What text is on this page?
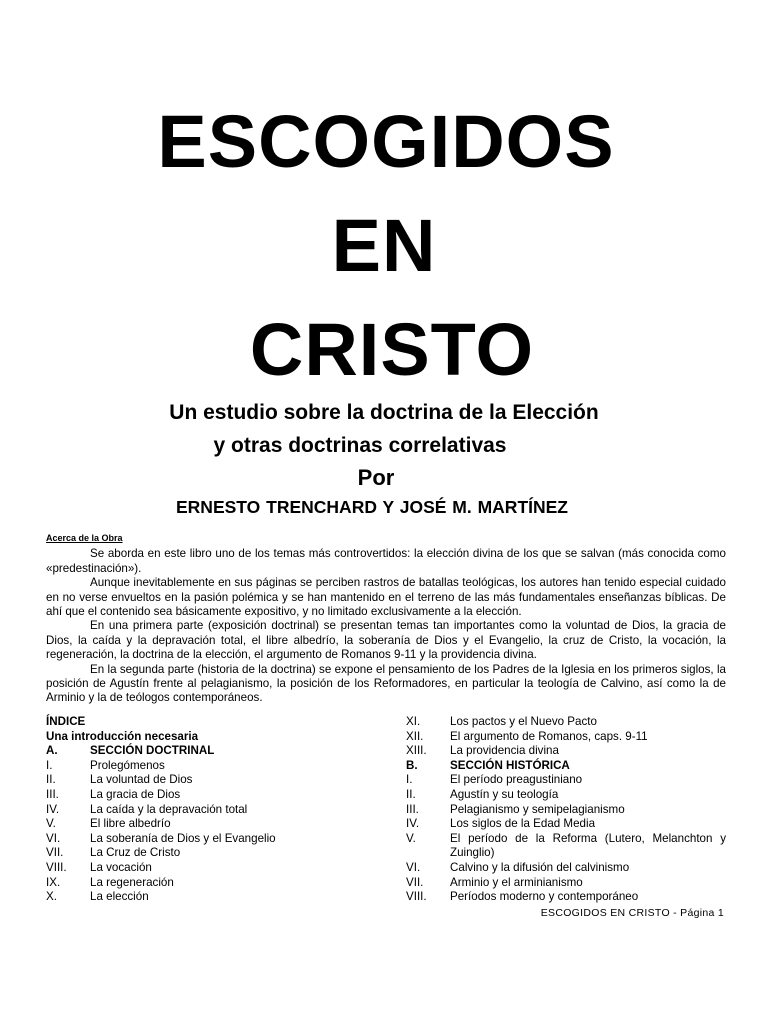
ESCOGIDOS
EN
CRISTO
Un estudio sobre la doctrina de la Elección
y otras doctrinas correlativas
Por
ERNESTO TRENCHARD Y JOSÉ M. MARTÍNEZ
Acerca de la Obra

Se aborda en este libro uno de los temas más controvertidos: la elección divina de los que se salvan (más conocida como «predestinación»).

Aunque inevitablemente en sus páginas se perciben rastros de batallas teológicas, los autores han tenido especial cuidado en no verse envueltos en la pasión polémica y se han mantenido en el terreno de las más fundamentales enseñanzas bíblicas. De ahí que el contenido sea básicamente expositivo, y no limitado exclusivamente a la elección.

En una primera parte (exposición doctrinal) se presentan temas tan importantes como la voluntad de Dios, la gracia de Dios, la caída y la depravación total, el libre albedrío, la soberanía de Dios y el Evangelio, la cruz de Cristo, la vocación, la regeneración, la doctrina de la elección, el argumento de Romanos 9-11 y la providencia divina.

En la segunda parte (historia de la doctrina) se expone el pensamiento de los Padres de la Iglesia en los primeros siglos, la posición de Agustín frente al pelagianismo, la posición de los Reformadores, en particular la teología de Calvino, así como la de Arminio y la de teólogos contemporáneos.

ÍNDICE
Una introducción necesaria
A.	SECCIÓN DOCTRINAL
I.	Prolegómenos
II.	La voluntad de Dios
III.	La gracia de Dios
IV.	La caída y la depravación total
V.	El libre albedrío
VI.	La soberanía de Dios y el Evangelio
VII.	La Cruz de Cristo
VIII.	La vocación
IX.	La regeneración
X.	La elección
XI.	Los pactos y el Nuevo Pacto
XII.	El argumento de Romanos, caps. 9-11
XIII.	La providencia divina
B.	SECCIÓN HISTÓRICA
I.	El período preagustiniano
II.	Agustín y su teología
III.	Pelagianismo y semipelagianismo
IV.	Los siglos de la Edad Media
V.	El período de la Reforma (Lutero, Melanchton y Zuinglio)
VI.	Calvino y la difusión del calvinismo
VII.	Arminio y el arminianismo
VIII.	Períodos moderno y contemporáneo
ESCOGIDOS EN CRISTO - Página 1
